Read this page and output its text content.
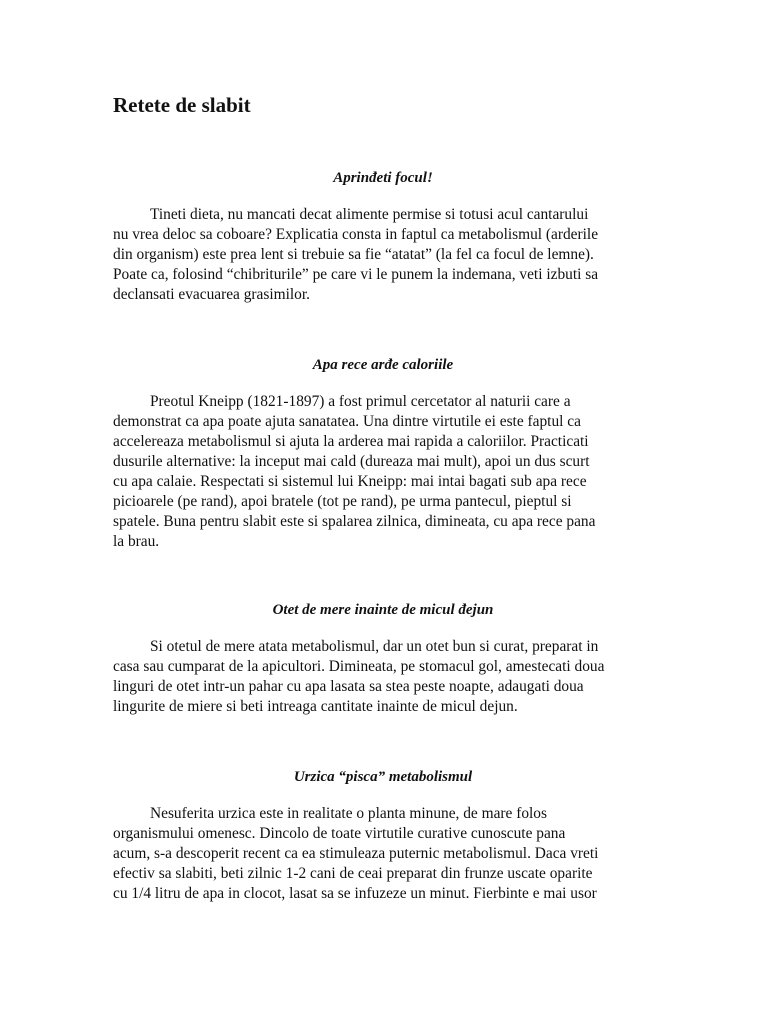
Retete de slabit
Aprinđeti focul!
Tineti dieta, nu mancati decat alimente permise si totusi acul cantarului
nu vrea deloc sa coboare? Explicatia consta in faptul ca metabolismul (arderile
din organism) este prea lent si trebuie sa fie “atatat” (la fel ca focul de lemne).
Poate ca, folosind “chibriturile” pe care vi le punem la indemana, veti izbuti sa
declansati evacuarea grasimilor.
Apa rece arđe caloriile
Preotul Kneipp (1821-1897) a fost primul cercetator al naturii care a
demonstrat ca apa poate ajuta sanatatea. Una dintre virtutile ei este faptul ca
accelereaza metabolismul si ajuta la arderea mai rapida a caloriilor. Practicati
dusurile alternative: la inceput mai cald (dureaza mai mult), apoi un dus scurt
cu apa calaie. Respectati si sistemul lui Kneipp: mai intai bagati sub apa rece
picioarele (pe rand), apoi bratele (tot pe rand), pe urma pantecul, pieptul si
spatele. Buna pentru slabit este si spalarea zilnica, dimineata, cu apa rece pana
la brau.
Otet de mere inainte de micul đejun
Si otetul de mere atata metabolismul, dar un otet bun si curat, preparat in
casa sau cumparat de la apicultori. Dimineata, pe stomacul gol, amestecati doua
linguri de otet intr-un pahar cu apa lasata sa stea peste noapte, adaugati doua
lingurite de miere si beti intreaga cantitate inainte de micul dejun.
Urzica “pisca” metabolismul
Nesuferita urzica este in realitate o planta minune, de mare folos
organismului omenesc. Dincolo de toate virtutile curative cunoscute pana
acum, s-a descoperit recent ca ea stimuleaza puternic metabolismul. Daca vreti
efectiv sa slabiti, beti zilnic 1-2 cani de ceai preparat din frunze uscate oparite
cu 1/4 litru de apa in clocot, lasat sa se infuzeze un minut. Fierbinte e mai usor
